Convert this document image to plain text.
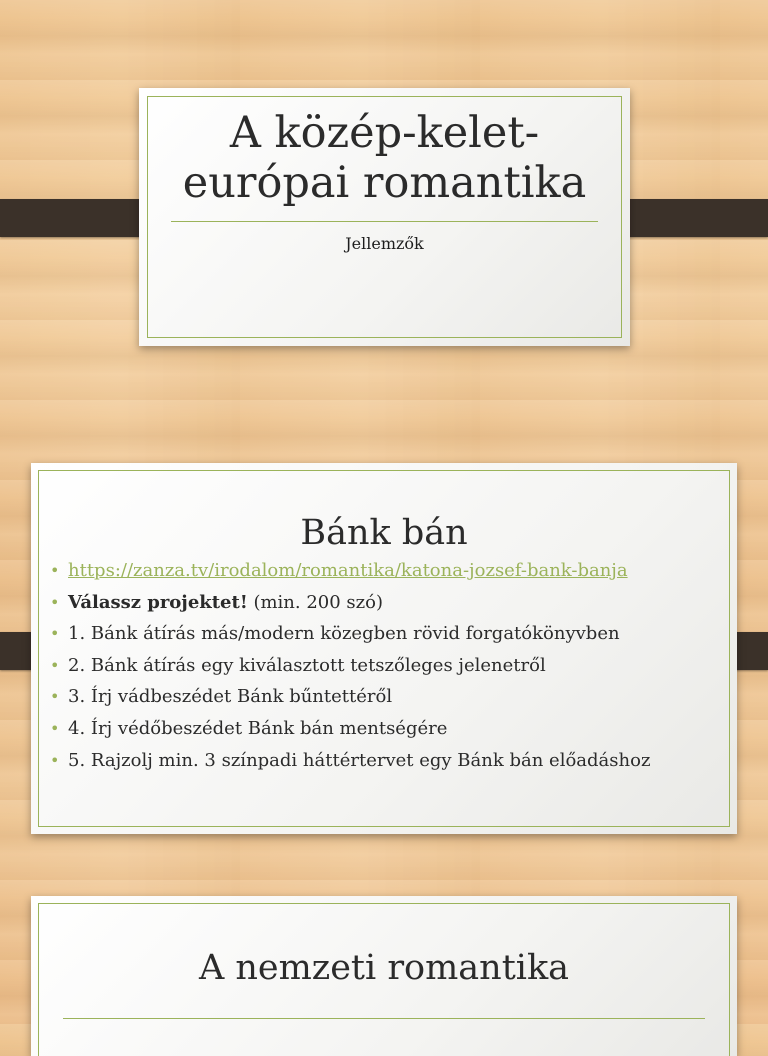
A közép-kelet-
európai romantika
Jellemzők
Bánk bán
• https://zanza.tv/irodalom/romantika/katona-jozsef-bank-banja
• Válassz projektet! (min. 200 szó)
• 1. Bánk átírás más/modern közegben rövid forgatókönyvben
• 2. Bánk átírás egy kiválasztott tetszőleges jelenetről
• 3. Írj vádbeszédet Bánk bűntettéről
• 4. Írj védőbeszédet Bánk bán mentségére
• 5. Rajzolj min. 3 színpadi háttértervet egy Bánk bán előadáshoz
A nemzeti romantika
